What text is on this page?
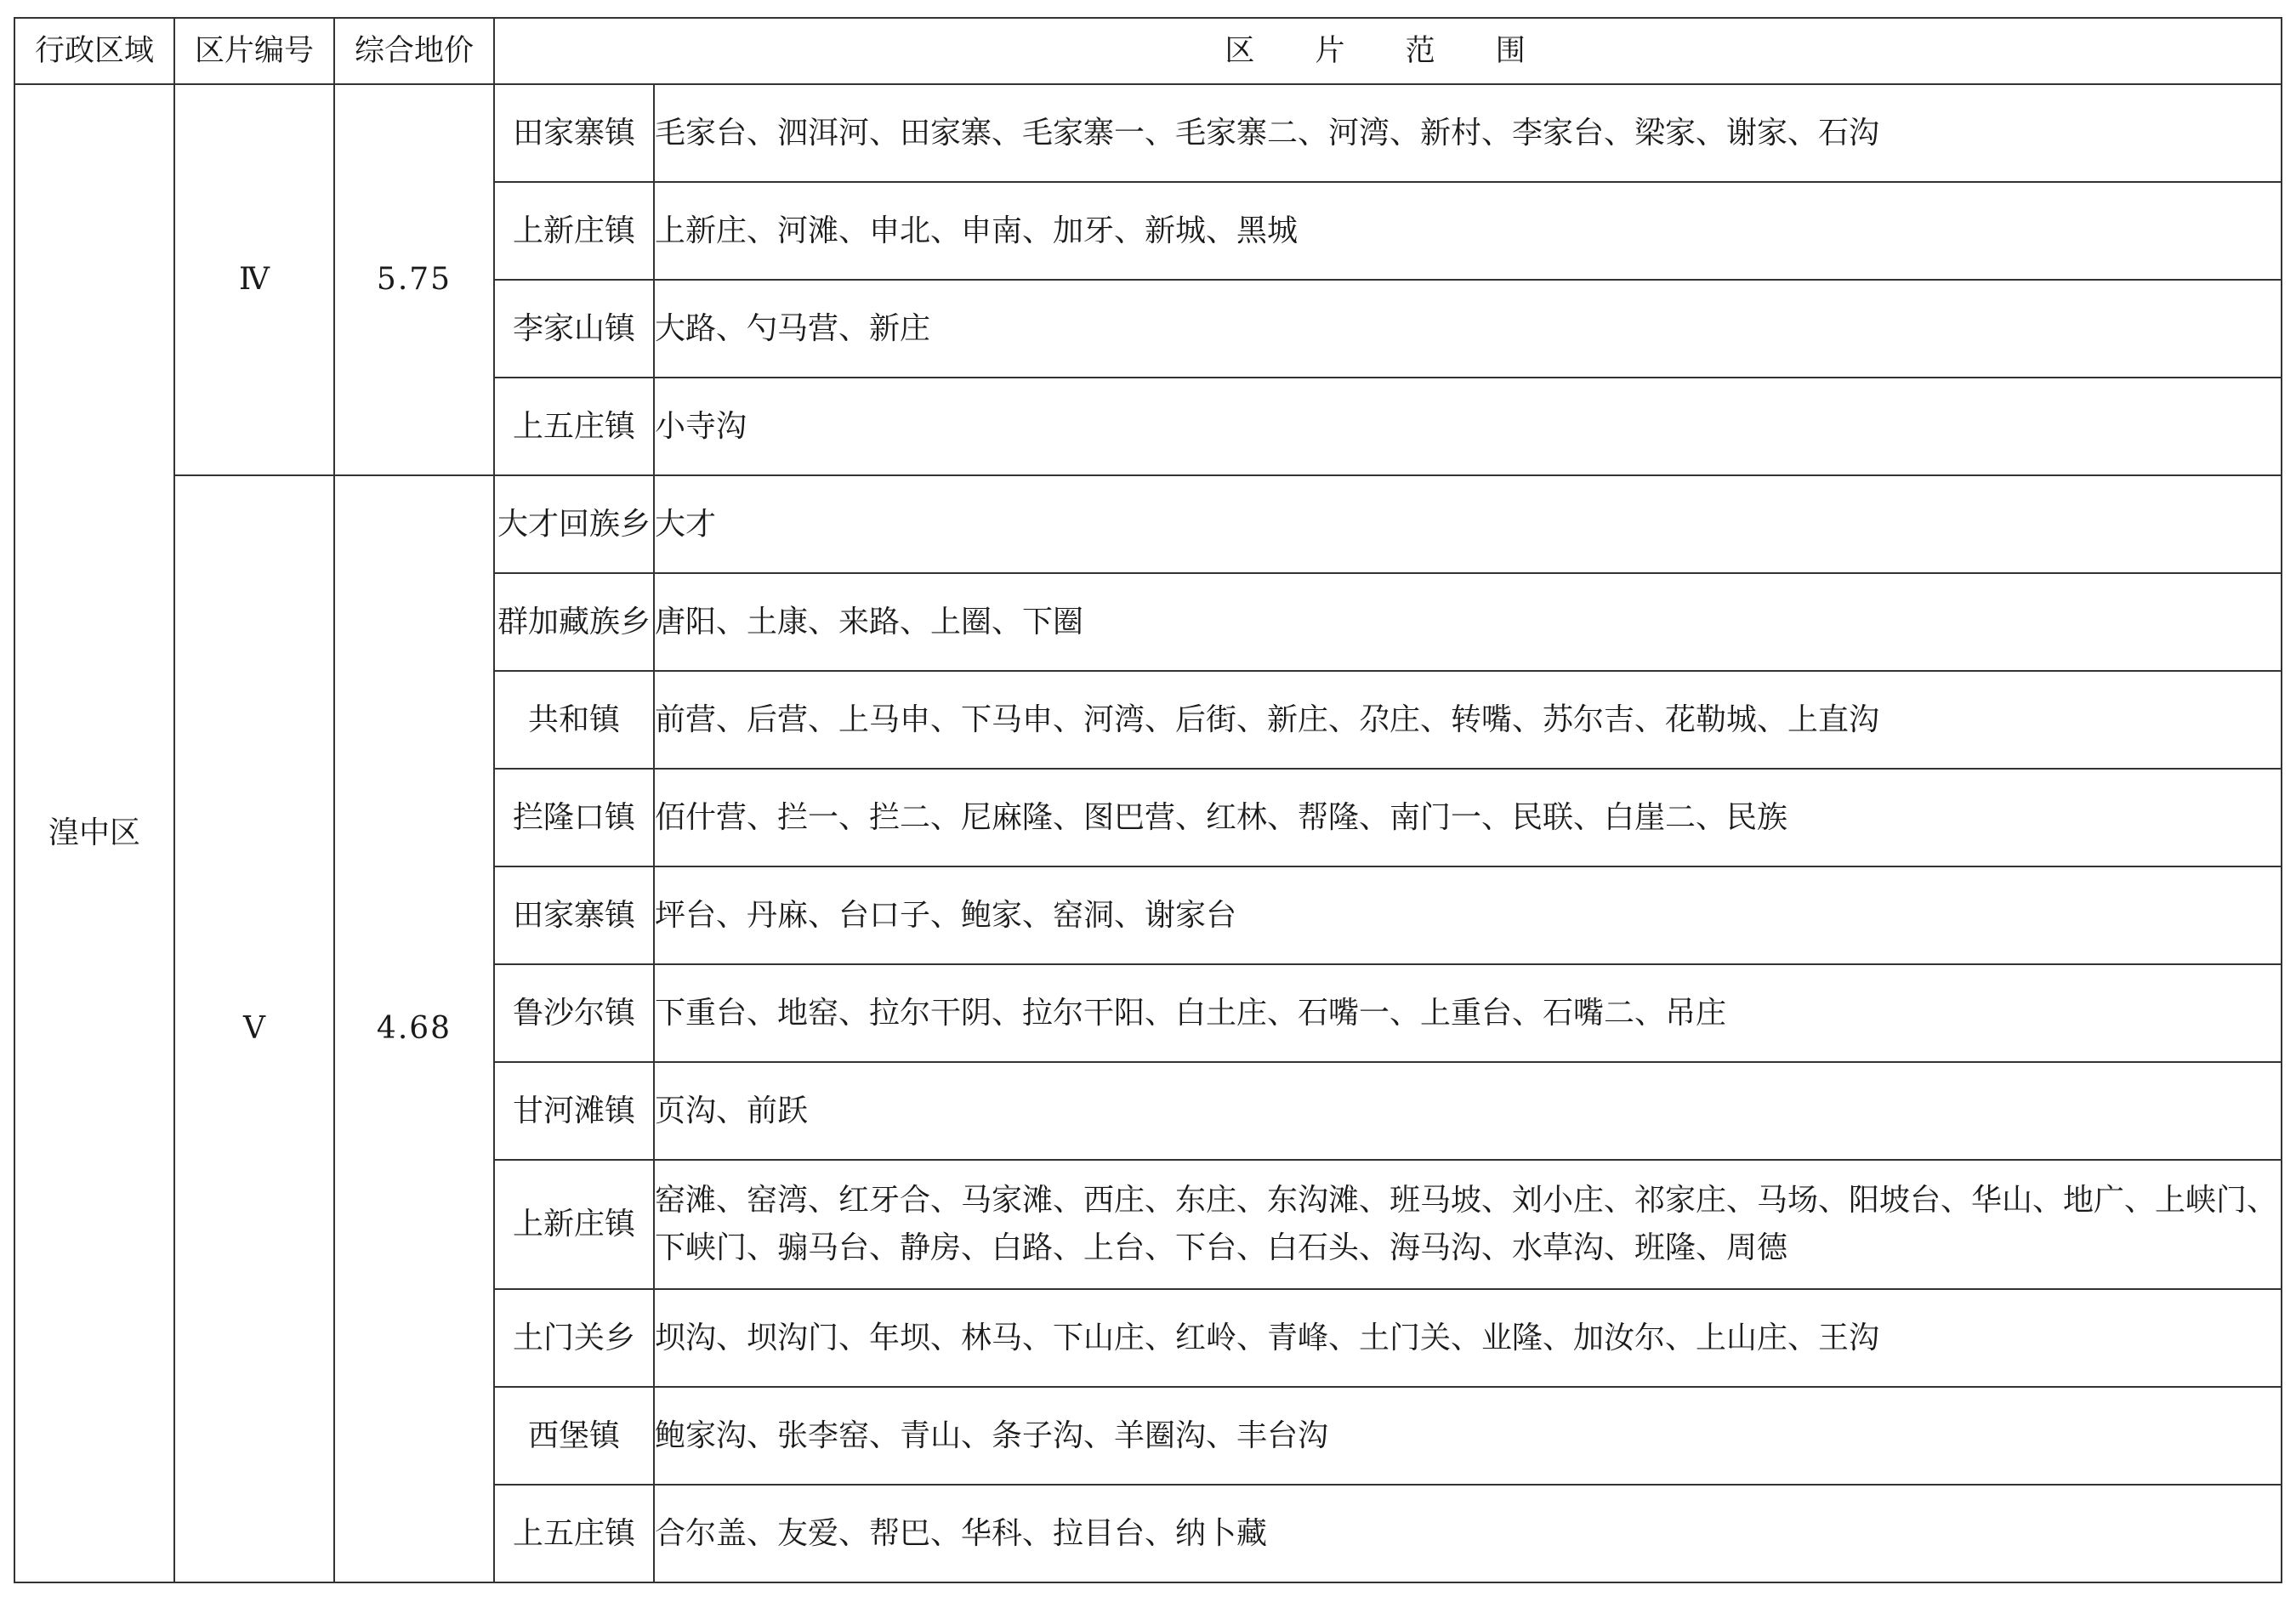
行政区域	区片编号	综合地价	区 片 范 围	
湟中区	Ⅳ	5.75	田家寨镇	毛家台、泗洱河、田家寨、毛家寨一、毛家寨二、河湾、新村、李家台、梁家、谢家、石沟
			上新庄镇	上新庄、河滩、申北、申南、加牙、新城、黑城
			李家山镇	大路、勺马营、新庄
			上五庄镇	小寺沟
	Ⅴ	4.68	大才回族乡	大才
			群加藏族乡	唐阳、土康、来路、上圈、下圈
			共和镇	前营、后营、上马申、下马申、河湾、后街、新庄、尕庄、转嘴、苏尔吉、花勒城、上直沟
			拦隆口镇	佰什营、拦一、拦二、尼麻隆、图巴营、红林、帮隆、南门一、民联、白崖二、民族
			田家寨镇	坪台、丹麻、台口子、鲍家、窑洞、谢家台
			鲁沙尔镇	下重台、地窑、拉尔干阴、拉尔干阳、白土庄、石嘴一、上重台、石嘴二、吊庄
			甘河滩镇	页沟、前跃
			上新庄镇	窑滩、窑湾、红牙合、马家滩、西庄、东庄、东沟滩、班马坡、刘小庄、祁家庄、马场、阳坡台、华山、地广、上峡门、下峡门、骟马台、静房、白路、上台、下台、白石头、海马沟、水草沟、班隆、周德
			土门关乡	坝沟、坝沟门、年坝、林马、下山庄、红岭、青峰、土门关、业隆、加汝尔、上山庄、王沟
			西堡镇	鲍家沟、张李窑、青山、条子沟、羊圈沟、丰台沟
			上五庄镇	合尔盖、友爱、帮巴、华科、拉目台、纳卜藏
